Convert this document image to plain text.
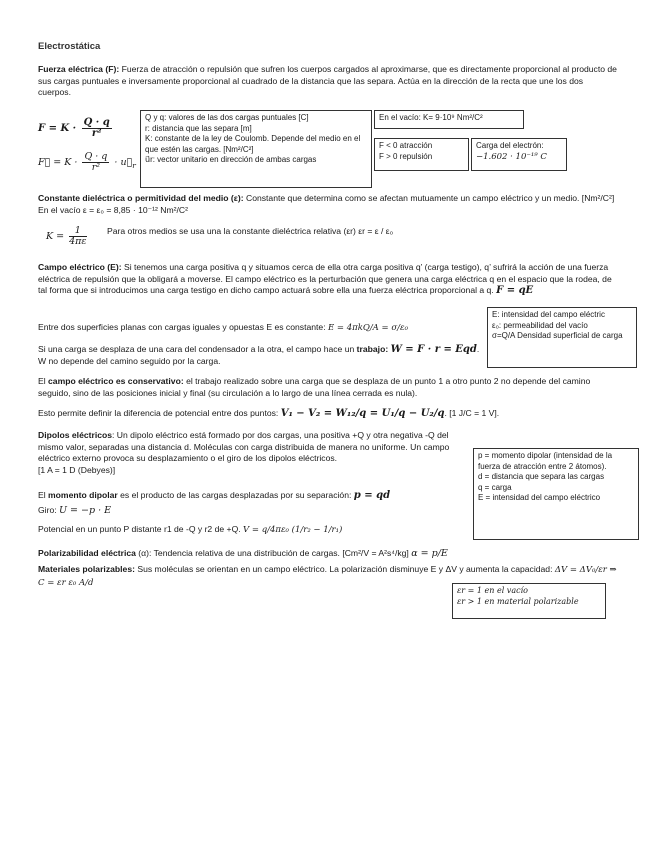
Electrostática
Fuerza eléctrica (F): Fuerza de atracción o repulsión que sufren los cuerpos cargados al aproximarse, que es directamente proporcional al producto de sus cargas puntuales e inversamente proporcional al cuadrado de la distancia que las separa. Actúa en la dirección de la recta que une los dos cuerpos.
$F = K \cdot \frac{Q \cdot q}{\text{r²}}$
F⃗ = $K \cdot \frac{Q \cdot q}{\text{r²}}$ · $u⃗_r$
Q y q: valores de las dos cargas puntuales [C]
r: distancia que las separa [m]
K: constante de la ley de Coulomb. Depende del medio en el que estén las cargas. [Nm²/C²]
u⃗r: vector unitario en dirección de ambas cargas
En el vacío: K= 9·10⁹ Nm²/C²
F < 0 atracción
F > 0 repulsión
Carga del electrón:
−1.602 · 10⁻¹⁹ C
Constante dieléctrica o permitividad del medio (ε): Constante que determina como se afectan mutuamente un campo eléctrico y un medio. [Nm²/C²] En el vacío ε = ε₀ = 8,85 · 10⁻¹² Nm²/C²
$K = \frac{1}{4\pi\varepsilon}$ Para otros medios se usa una la constante dieléctrica relativa (εr) εr = ε / ε₀
Campo eléctrico (E): Si tenemos una carga positiva q y situamos cerca de ella otra carga positiva q’ (carga testigo), q’ sufrirá la acción de una fuerza eléctrica de repulsión que la obligará a moverse. El campo eléctrico es la perturbación que genera una carga eléctrica q en el espacio que la rodea, de tal forma que si introducimos una carga testigo en dicho campo actuará sobre ella una fuerza eléctrica proporcional a q. F = qE
Entre dos superficies planas con cargas iguales y opuestas E es constante: E = 4πkQ/A = σ/ε₀
E: intensidad del campo eléctric
ε₀: permeabilidad del vacío
σ=Q/A Densidad superficial de carga
Si una carga se desplaza de una cara del condensador a la otra, el campo hace un trabajo: W = F · r = Eqd. W no depende del camino seguido por la carga.
El campo eléctrico es conservativo: el trabajo realizado sobre una carga que se desplaza de un punto 1 a otro punto 2 no depende del camino seguido, sino de las posiciones inicial y final (su circulación a lo largo de una línea cerrada es nula).
Esto permite definir la diferencia de potencial entre dos puntos: V₁ − V₂ = W₁₂/q = U₁/q − U₂/q. [1 J/C = 1 V].
Dipolos eléctricos: Un dipolo eléctrico está formado por dos cargas, una positiva +Q y otra negativa -Q del mismo valor, separadas una distancia d. Moléculas con carga distribuida de manera no uniforme. Un campo eléctrico externo provoca su desplazamiento o el giro de los dipolos eléctricos.
[1 A = 1 D (Debyes)]
p = momento dipolar (intensidad de la fuerza de atracción entre 2 átomos).
d = distancia que separa las cargas
q = carga
E = intensidad del campo eléctrico
El momento dipolar es el producto de las cargas desplazadas por su separación: p = qd
Giro: U = −p · E
Potencial en un punto P distante r1 de -Q y r2 de +Q. V = q/4πε₀ (1/r₂ − 1/r₁)
Polarizabilidad eléctrica (α): Tendencia relativa de una distribución de cargas. [Cm²/V = A²s⁴/kg] α = p/E
Materiales polarizables: Sus moléculas se orientan en un campo eléctrico. La polarización disminuye E y ΔV y aumenta la capacidad: ΔV = ΔV₀/εr ⇒ C = εr ε₀ A/d
εr = 1 en el vacío
εr > 1 en material polarizable
